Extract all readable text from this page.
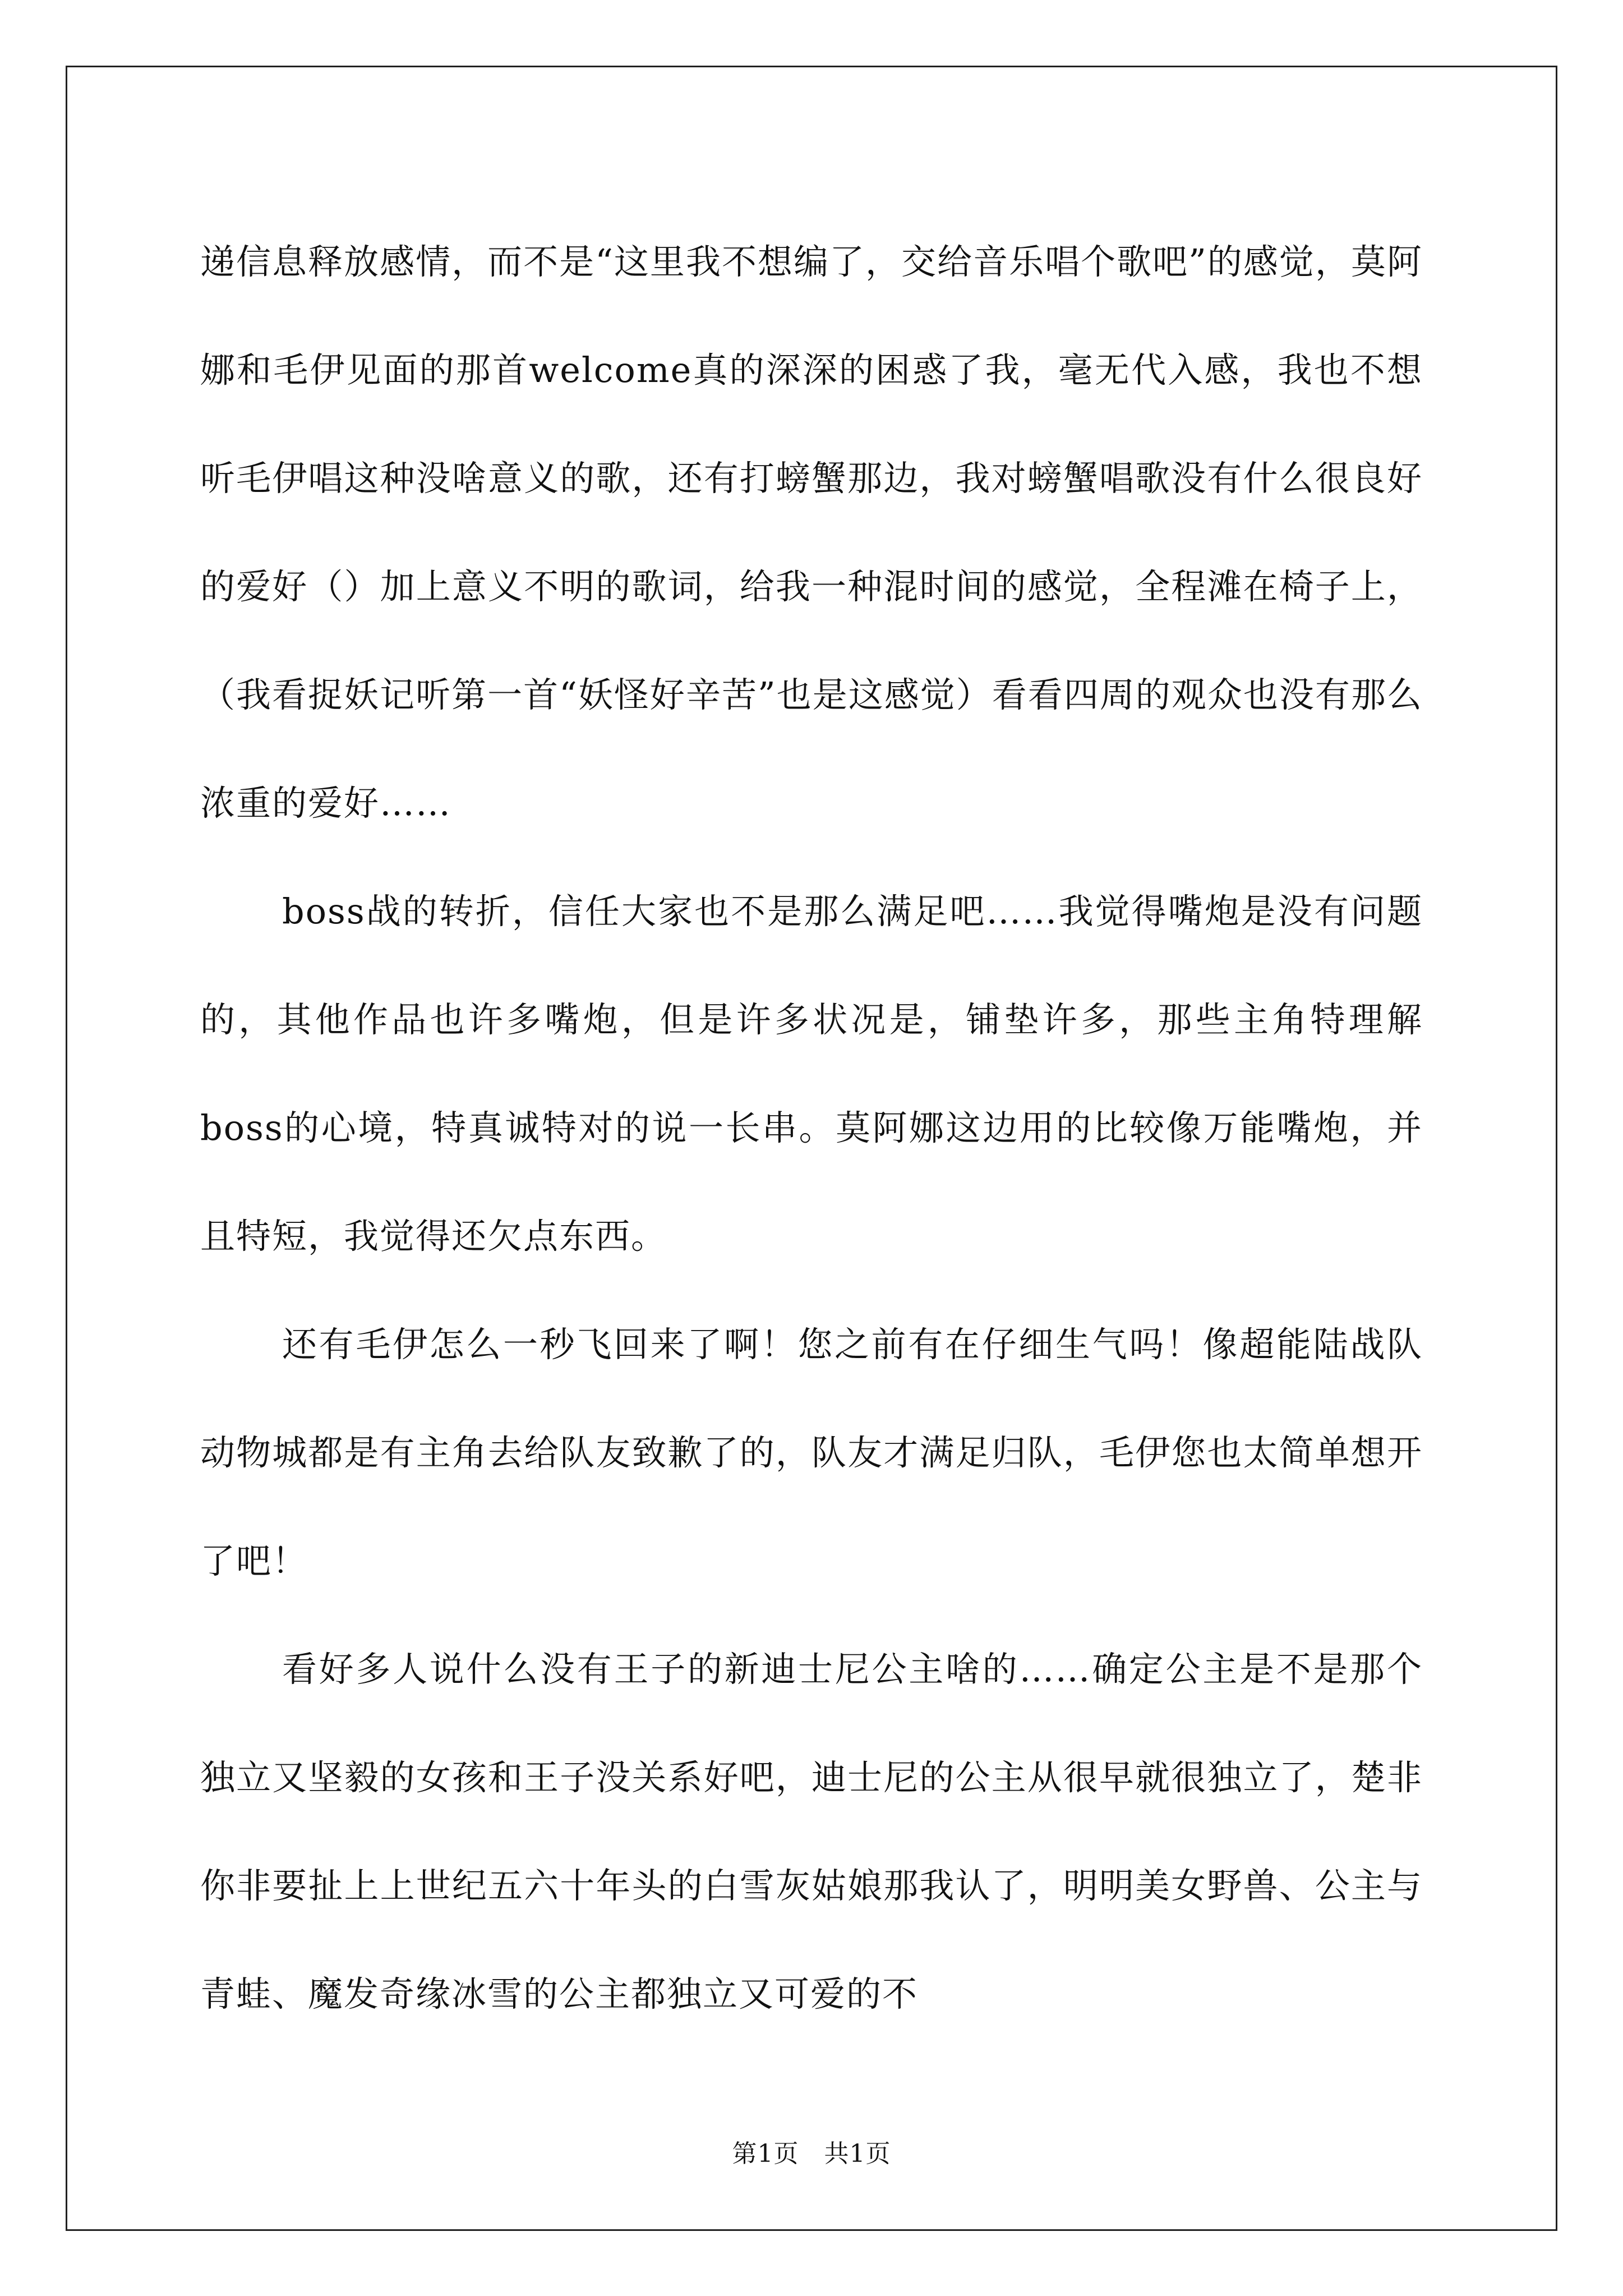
递信息释放感情，而不是“这里我不想编了，交给音乐唱个歌吧”的感觉，莫阿娜和毛伊见面的那首welcome真的深深的困惑了我，毫无代入感，我也不想听毛伊唱这种没啥意义的歌，还有打螃蟹那边，我对螃蟹唱歌没有什么很良好的爱好（）加上意义不明的歌词，给我一种混时间的感觉，全程滩在椅子上，（我看捉妖记听第一首“妖怪好辛苦”也是这感觉）看看四周的观众也没有那么浓重的爱好……

boss战的转折，信任大家也不是那么满足吧……我觉得嘴炮是没有问题的，其他作品也许多嘴炮，但是许多状况是，铺垫许多，那些主角特理解boss的心境，特真诚特对的说一长串。莫阿娜这边用的比较像万能嘴炮，并且特短，我觉得还欠点东西。

还有毛伊怎么一秒飞回来了啊！您之前有在仔细生气吗！像超能陆战队动物城都是有主角去给队友致歉了的，队友才满足归队，毛伊您也太简单想开了吧！

看好多人说什么没有王子的新迪士尼公主啥的……确定公主是不是那个独立又坚毅的女孩和王子没关系好吧，迪士尼的公主从很早就很独立了，楚非你非要扯上上世纪五六十年头的白雪灰姑娘那我认了，明明美女野兽、公主与青蛙、魔发奇缘冰雪的公主都独立又可爱的不

第1页   共1页
